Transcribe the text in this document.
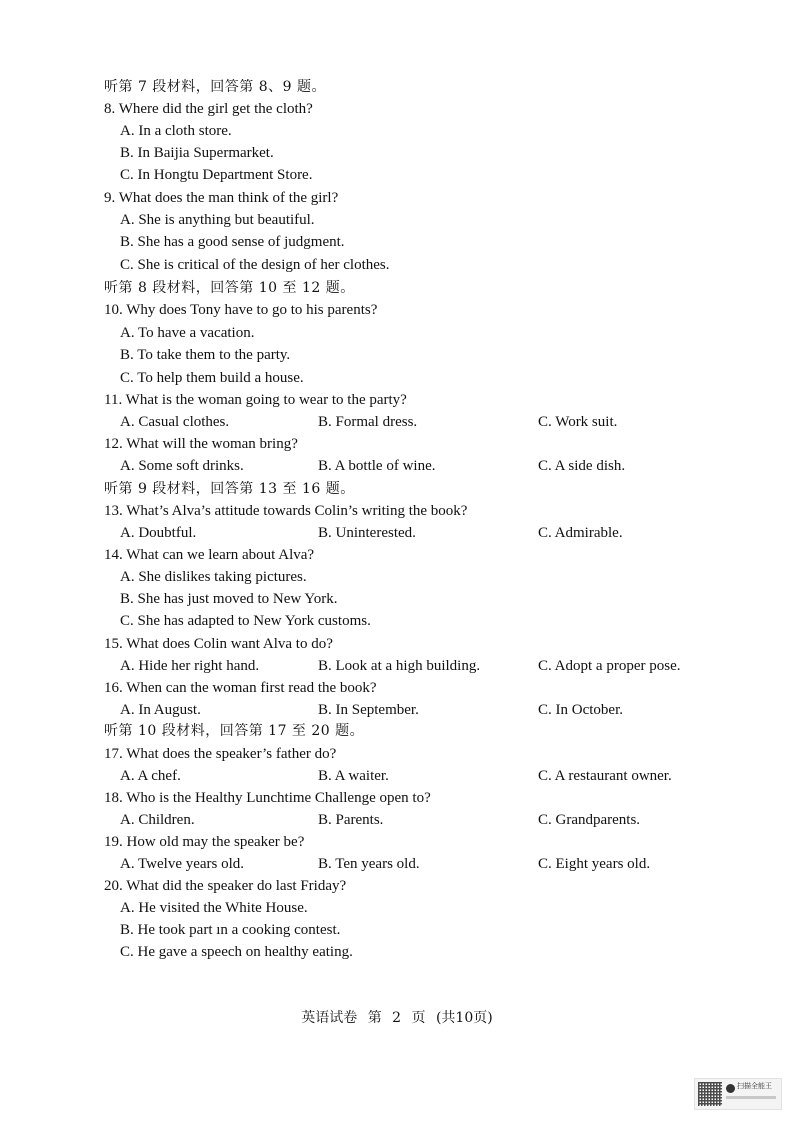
听第 7 段材料，回答第 8、9 题。
8. Where did the girl get the cloth?
A. In a cloth store.
B. In Baijia Supermarket.
C. In Hongtu Department Store.
9. What does the man think of the girl?
A. She is anything but beautiful.
B. She has a good sense of judgment.
C. She is critical of the design of her clothes.
听第 8 段材料，回答第 10 至 12 题。
10. Why does Tony have to go to his parents?
A. To have a vacation.
B. To take them to the party.
C. To help them build a house.
11. What is the woman going to wear to the party?
A. Casual clothes.	B. Formal dress.	C. Work suit.
12. What will the woman bring?
A. Some soft drinks.	B. A bottle of wine.	C. A side dish.
听第 9 段材料，回答第 13 至 16 题。
13. What’s Alva’s attitude towards Colin’s writing the book?
A. Doubtful.	B. Uninterested.	C. Admirable.
14. What can we learn about Alva?
A. She dislikes taking pictures.
B. She has just moved to New York.
C. She has adapted to New York customs.
15. What does Colin want Alva to do?
A. Hide her right hand.	B. Look at a high building.	C. Adopt a proper pose.
16. When can the woman first read the book?
A. In August.	B. In September.	C. In October.
听第 10 段材料，回答第 17 至 20 题。
17. What does the speaker’s father do?
A. A chef.	B. A waiter.	C. A restaurant owner.
18. Who is the Healthy Lunchtime Challenge open to?
A. Children.	B. Parents.	C. Grandparents.
19. How old may the speaker be?
A. Twelve years old.	B. Ten years old.	C. Eight years old.
20. What did the speaker do last Friday?
A. He visited the White House.
B. He took part ın a cooking contest.
C. He gave a speech on healthy eating.
英语试卷 第 2 页 (共10页)
扫描全能王
